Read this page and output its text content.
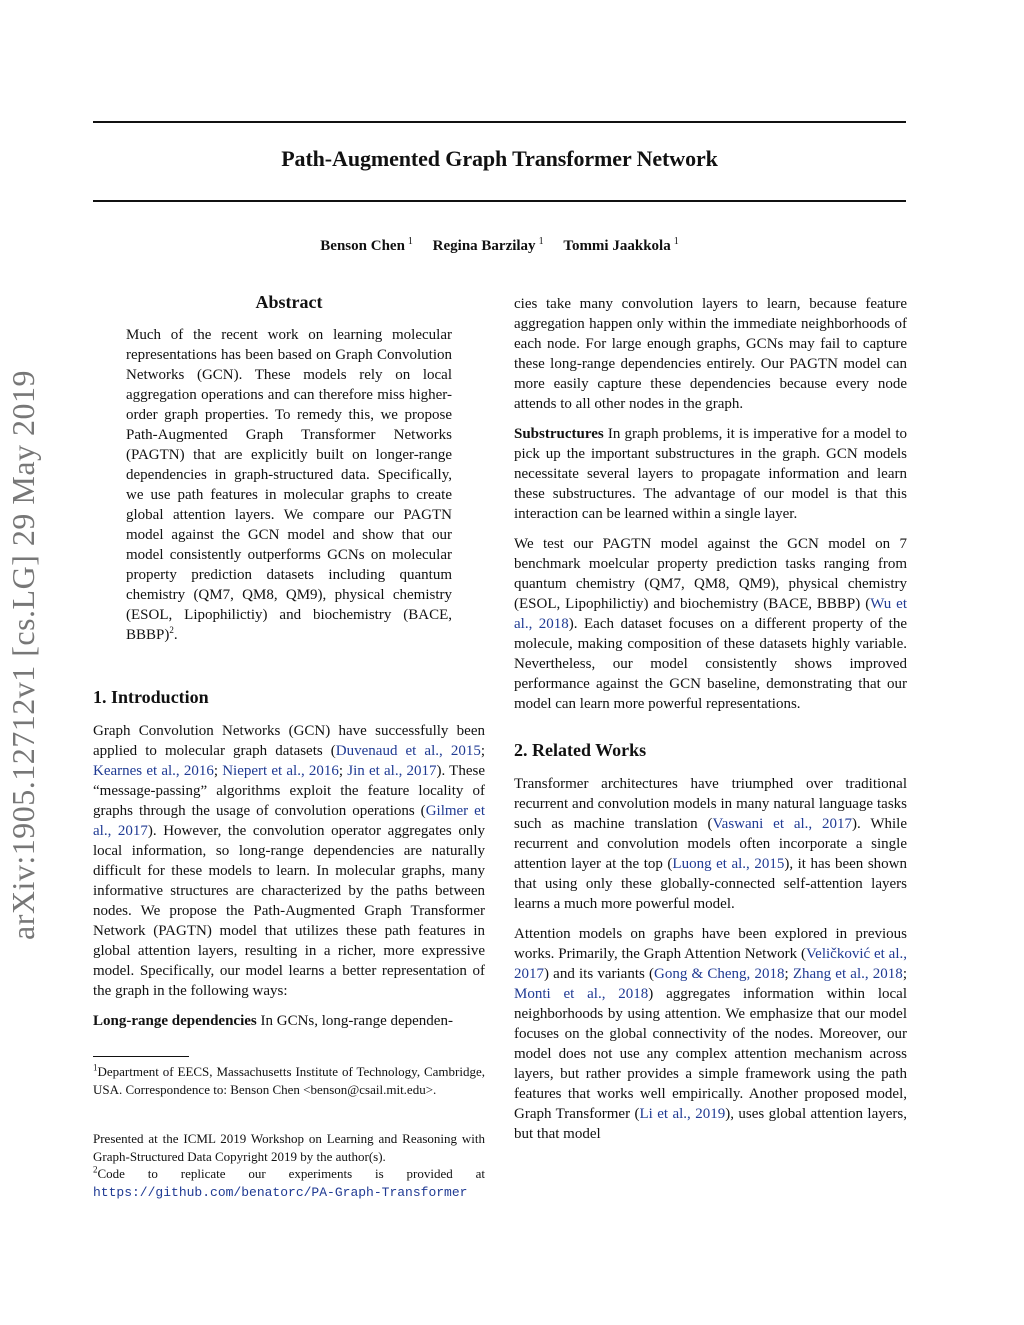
arXiv:1905.12712v1 [cs.LG] 29 May 2019
Path-Augmented Graph Transformer Network
Benson Chen $^1$ Regina Barzilay $^1$ Tommi Jaakkola $^1$
Abstract
Much of the recent work on learning molecular representations has been based on Graph Convolution Networks (GCN). These models rely on local aggregation operations and can therefore miss higher-order graph properties. To remedy this, we propose Path-Augmented Graph Transformer Networks (PAGTN) that are explicitly built on longer-range dependencies in graph-structured data. Specifically, we use path features in molecular graphs to create global attention layers. We compare our PAGTN model against the GCN model and show that our model consistently outperforms GCNs on molecular property prediction datasets including quantum chemistry (QM7, QM8, QM9), physical chemistry (ESOL, Lipophilictiy) and biochemistry (BACE, BBBP)$^2$.
1. Introduction

Graph Convolution Networks (GCN) have successfully been applied to molecular graph datasets (Duvenaud et al., 2015; Kearnes et al., 2016; Niepert et al., 2016; Jin et al., 2017). These “message-passing” algorithms exploit the feature locality of graphs through the usage of convolution operations (Gilmer et al., 2017). However, the convolution operator aggregates only local information, so long-range dependencies are naturally difficult for these models to learn. In molecular graphs, many informative structures are characterized by the paths between nodes. We propose the Path-Augmented Graph Transformer Network (PAGTN) model that utilizes these path features in global attention layers, resulting in a richer, more expressive model. Specifically, our model learns a better representation of the graph in the following ways:

Long-range dependencies In GCNs, long-range dependen-

$^1$Department of EECS, Massachusetts Institute of Technology, Cambridge, USA. Correspondence to: Benson Chen <benson@csail.mit.edu>.
Presented at the ICML 2019 Workshop on Learning and Reasoning with Graph-Structured Data Copyright 2019 by the author(s).
$^2$Code to replicate our experiments is provided at https://github.com/benatorc/PA-Graph-Transformer

cies take many convolution layers to learn, because feature aggregation happen only within the immediate neighborhoods of each node. For large enough graphs, GCNs may fail to capture these long-range dependencies entirely. Our PAGTN model can more easily capture these dependencies because every node attends to all other nodes in the graph.

Substructures In graph problems, it is imperative for a model to pick up the important substructures in the graph. GCN models necessitate several layers to propagate information and learn these substructures. The advantage of our model is that this interaction can be learned within a single layer.

We test our PAGTN model against the GCN model on 7 benchmark moelcular property prediction tasks ranging from quantum chemistry (QM7, QM8, QM9), physical chemistry (ESOL, Lipophilictiy) and biochemistry (BACE, BBBP) (Wu et al., 2018). Each dataset focuses on a different property of the molecule, making composition of these datasets highly variable. Nevertheless, our model consistently shows improved performance against the GCN baseline, demonstrating that our model can learn more powerful representations.

2. Related Works

Transformer architectures have triumphed over traditional recurrent and convolution models in many natural language tasks such as machine translation (Vaswani et al., 2017). While recurrent and convolution models often incorporate a single attention layer at the top (Luong et al., 2015), it has been shown that using only these globally-connected self-attention layers learns a much more powerful model.

Attention models on graphs have been explored in previous works. Primarily, the Graph Attention Network (Veličković et al., 2017) and its variants (Gong & Cheng, 2018; Zhang et al., 2018; Monti et al., 2018) aggregates information within local neighborhoods by using attention. We emphasize that our model focuses on the global connectivity of the nodes. Moreover, our model does not use any complex attention mechanism across layers, but rather provides a simple framework using the path features that works well empirically. Another proposed model, Graph Transformer (Li et al., 2019), uses global attention layers, but that model
